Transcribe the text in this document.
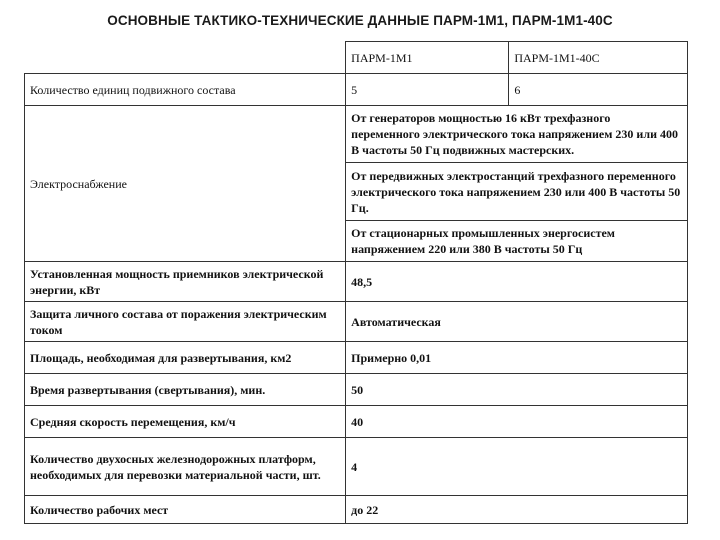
ОСНОВНЫЕ ТАКТИКО-ТЕХНИЧЕСКИЕ ДАННЫЕ ПАРМ-1М1, ПАРМ-1М1-40С
	ПАРМ-1М1	ПАРМ-1М1-40С
Количество единиц подвижного состава	5	6
Электроснабжение	От генераторов мощностью 16 кВт трехфазного переменного электрического тока напряжением 230 или 400 В частоты 50 Гц подвижных мастерских.	
	От передвижных электростанций трехфазного переменного электрического тока напряжением 230 или 400 В частоты 50 Гц.	
	От стационарных промышленных энергосистем напряжением 220 или 380 В частоты 50 Гц	
Установленная мощность приемников электрической энергии, кВт	48,5	
Защита личного состава от поражения электрическим током	Автоматическая	
Площадь, необходимая для развертывания, км2	Примерно 0,01	
Время развертывания (свертывания), мин.	50	
Средняя скорость перемещения, км/ч	40	
Количество двухосных железнодорожных платформ, необходимых для перевозки материальной части, шт.	4	
Количество рабочих мест	до 22	
